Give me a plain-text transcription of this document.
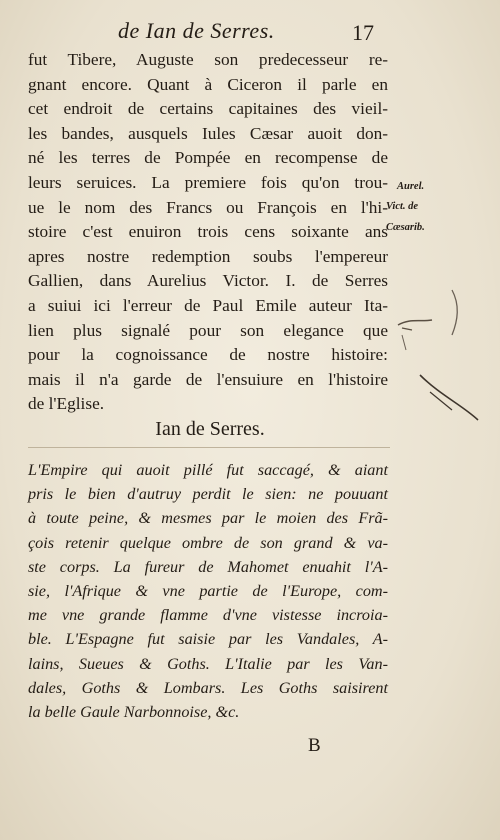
de Ian de Serres.	17
fut Tibere, Auguste son predecesseur re-
gnant encore. Quant à Ciceron il parle en
cet endroit de certains capitaines des vieil-
les bandes, ausquels Iules Cæsar auoit don-
né les terres de Pompée en recompense de
leurs seruices. La premiere fois qu'on trou-
ue le nom des Francs ou François en l'hi-
stoire c'est enuiron trois cens soixante ans
apres nostre redemption soubs l'empereur
Gallien, dans Aurelius Victor. I. de Serres
a suiui ici l'erreur de Paul Emile auteur Ita-
lien plus signalé pour son elegance que
pour la cognoissance de nostre histoire:
mais il n'a garde de l'ensuiure en l'histoire
de l'Eglise.
Aurel.
Vict. de
Cæsarib.
Ian de Serres.
L'Empire qui auoit pillé fut saccagé, & aiant
pris le bien d'autruy perdit le sien: ne pouuant
à toute peine, & mesmes par le moien des Frã-
çois retenir quelque ombre de son grand & va-
ste corps. La fureur de Mahomet enuahit l'A-
sie, l'Afrique & vne partie de l'Europe, com-
me vne grande flamme d'vne vistesse incroia-
ble. L'Espagne fut saisie par les Vandales, A-
lains, Sueues & Goths. L'Italie par les Van-
dales, Goths & Lombars. Les Goths saisirent
la belle Gaule Narbonnoise, &c.
B
